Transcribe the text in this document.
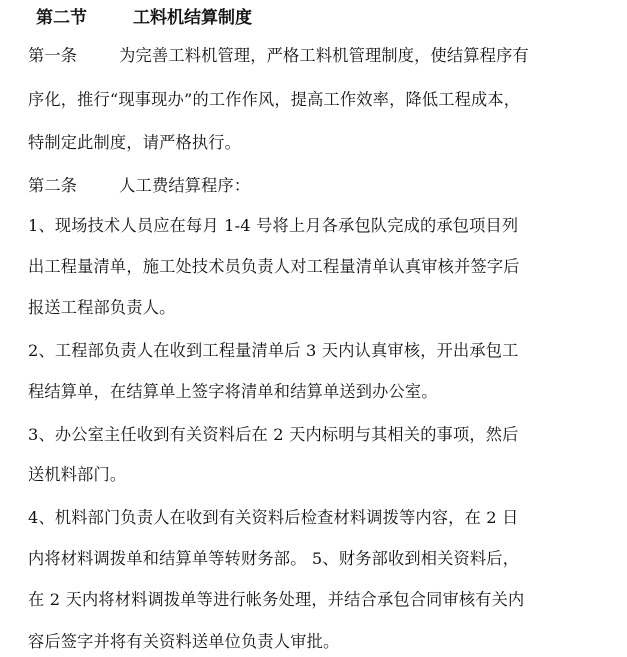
第二节	工料机结算制度
第一条	为完善工料机管理，严格工料机管理制度，使结算程序有
序化，推行“现事现办”的工作作风，提高工作效率，降低工程成本，
特制定此制度，请严格执行。
第二条	人工费结算程序：
1、现场技术人员应在每月 1-4 号将上月各承包队完成的承包项目列
出工程量清单，施工处技术员负责人对工程量清单认真审核并签字后
报送工程部负责人。
2、工程部负责人在收到工程量清单后 3 天内认真审核，开出承包工
程结算单，在结算单上签字将清单和结算单送到办公室。
3、办公室主任收到有关资料后在 2 天内标明与其相关的事项，然后
送机料部门。
4、机料部门负责人在收到有关资料后检查材料调拨等内容，在 2 日
内将材料调拨单和结算单等转财务部。 5、财务部收到相关资料后，
在 2 天内将材料调拨单等进行帐务处理，并结合承包合同审核有关内
容后签字并将有关资料送单位负责人审批。
